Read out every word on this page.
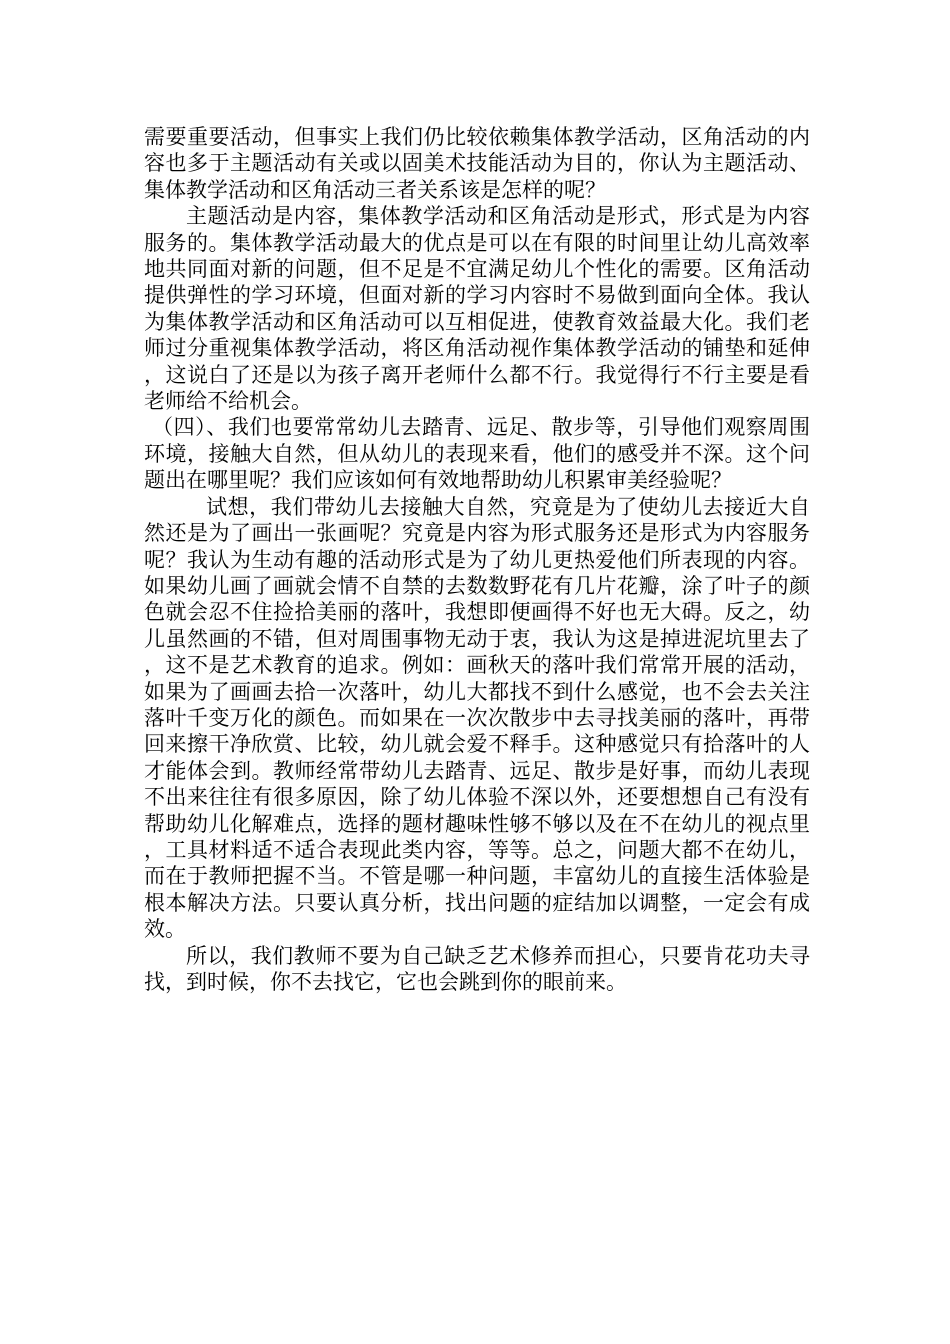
需要重要活动，但事实上我们仍比较依赖集体教学活动，区角活动的内容也多于主题活动有关或以固美术技能活动为目的，你认为主题活动、集体教学活动和区角活动三者关系该是怎样的呢？

主题活动是内容，集体教学活动和区角活动是形式，形式是为内容服务的。集体教学活动最大的优点是可以在有限的时间里让幼儿高效率地共同面对新的问题，但不足是不宜满足幼儿个性化的需要。区角活动提供弹性的学习环境，但面对新的学习内容时不易做到面向全体。我认为集体教学活动和区角活动可以互相促进，使教育效益最大化。我们老师过分重视集体教学活动，将区角活动视作集体教学活动的铺垫和延伸，这说白了还是以为孩子离开老师什么都不行。我觉得行不行主要是看老师给不给机会。

（四）、我们也要常常幼儿去踏青、远足、散步等，引导他们观察周围环境，接触大自然，但从幼儿的表现来看，他们的感受并不深。这个问题出在哪里呢？我们应该如何有效地帮助幼儿积累审美经验呢？

试想，我们带幼儿去接触大自然，究竟是为了使幼儿去接近大自然还是为了画出一张画呢？究竟是内容为形式服务还是形式为内容服务呢？我认为生动有趣的活动形式是为了幼儿更热爱他们所表现的内容。如果幼儿画了画就会情不自禁的去数数野花有几片花瓣，涂了叶子的颜色就会忍不住捡拾美丽的落叶，我想即便画得不好也无大碍。反之，幼儿虽然画的不错，但对周围事物无动于衷，我认为这是掉进泥坑里去了，这不是艺术教育的追求。例如：画秋天的落叶我们常常开展的活动，如果为了画画去拾一次落叶，幼儿大都找不到什么感觉，也不会去关注落叶千变万化的颜色。而如果在一次次散步中去寻找美丽的落叶，再带回来擦干净欣赏、比较，幼儿就会爱不释手。这种感觉只有拾落叶的人才能体会到。教师经常带幼儿去踏青、远足、散步是好事，而幼儿表现不出来往往有很多原因，除了幼儿体验不深以外，还要想想自己有没有帮助幼儿化解难点，选择的题材趣味性够不够以及在不在幼儿的视点里，工具材料适不适合表现此类内容，等等。总之，问题大都不在幼儿，而在于教师把握不当。不管是哪一种问题，丰富幼儿的直接生活体验是根本解决方法。只要认真分析，找出问题的症结加以调整，一定会有成效。

所以，我们教师不要为自己缺乏艺术修养而担心，只要肯花功夫寻找，到时候，你不去找它，它也会跳到你的眼前来。
